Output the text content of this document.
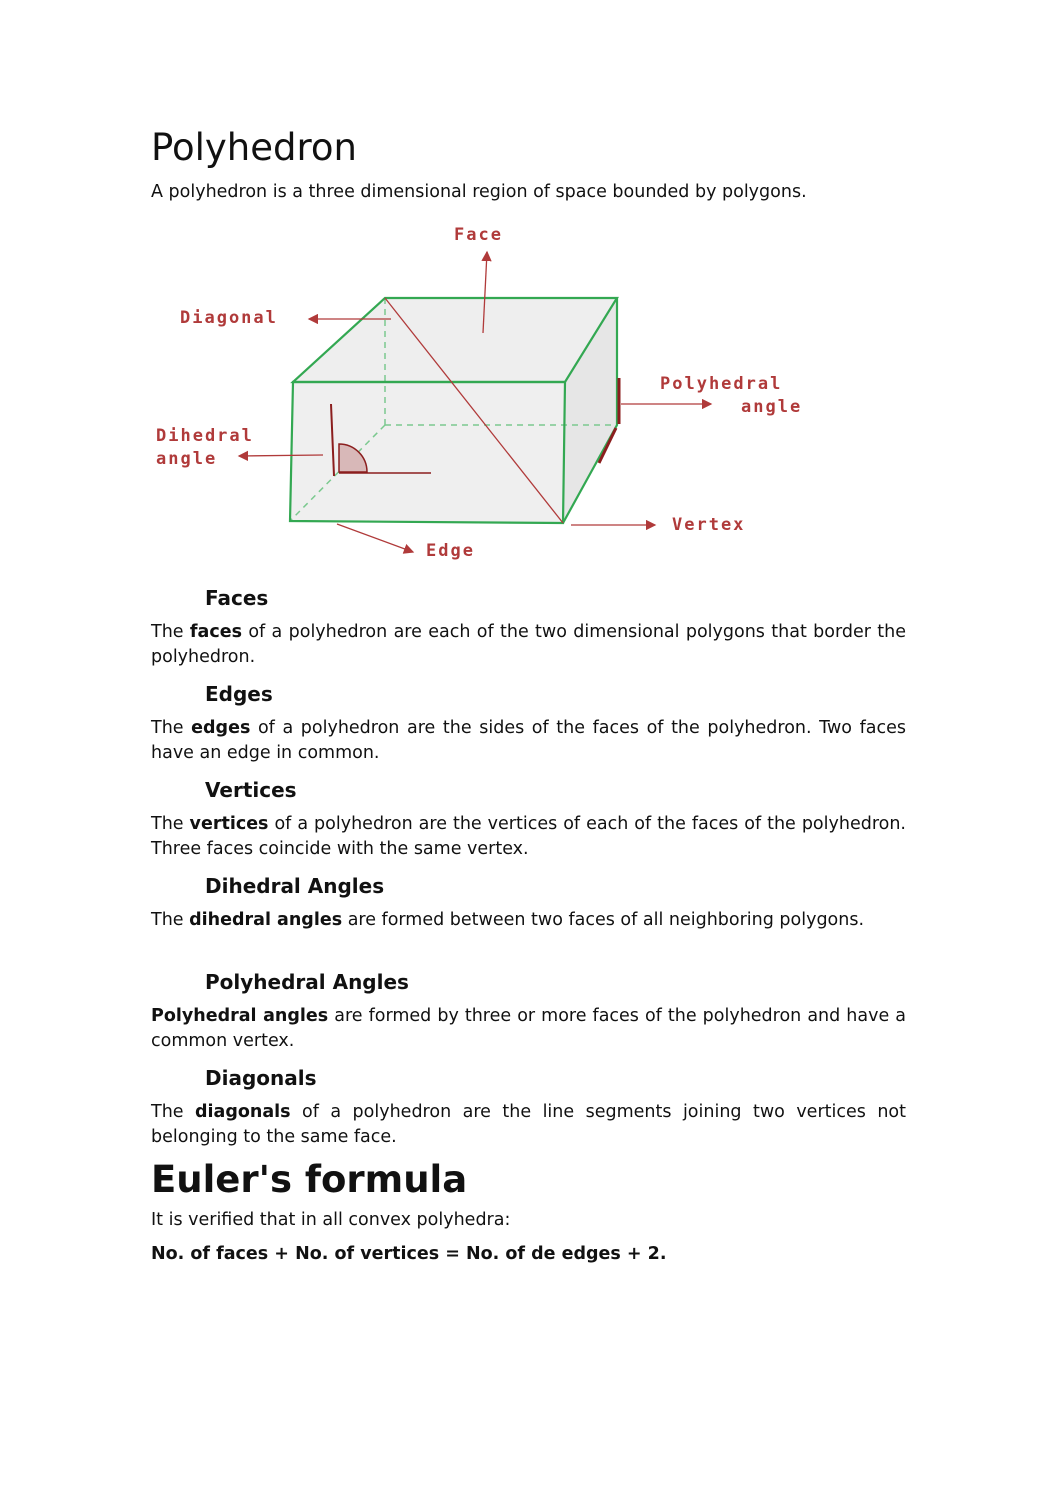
Polyhedron

A polyhedron is a three dimensional region of space bounded by polygons.

Face
Diagonal
Polyhedral
angle
Dihedral
angle
Vertex
Edge
Faces

The faces of a polyhedron are each of the two dimensional polygons that border the polyhedron.

Edges

The edges of a polyhedron are the sides of the faces of the polyhedron. Two faces have an edge in common.

Vertices

The vertices of a polyhedron are the vertices of each of the faces of the polyhedron. Three faces coincide with the same vertex.

Dihedral Angles

The dihedral angles are formed between two faces of all neighboring polygons.

Polyhedral Angles

Polyhedral angles are formed by three or more faces of the polyhedron and have a common vertex.

Diagonals

The diagonals of a polyhedron are the line segments joining two vertices not belonging to the same face.

Euler's formula

It is verified that in all convex polyhedra:

No. of faces + No. of vertices = No. of de edges + 2.
